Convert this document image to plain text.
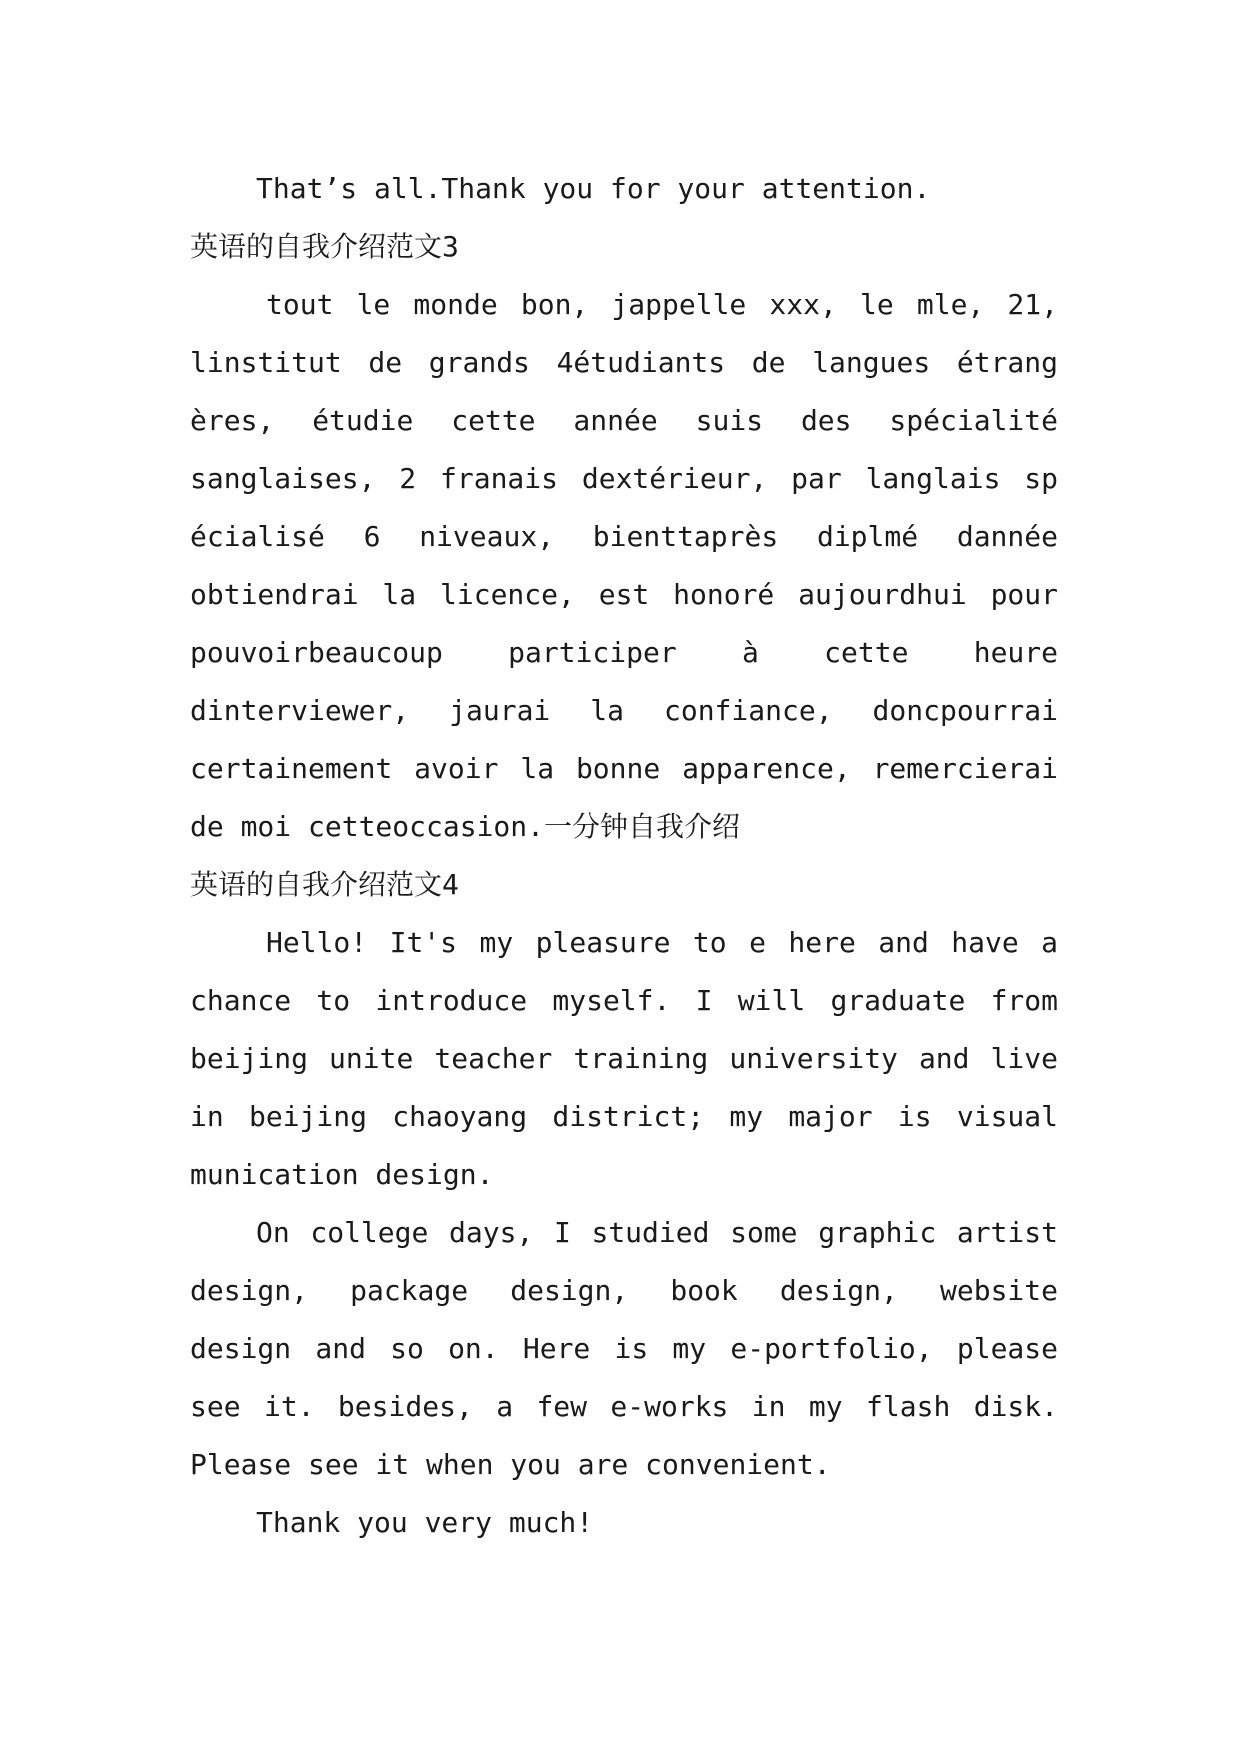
That’s all.Thank you for your attention.
英语的自我介绍范文3
tout le monde bon, jappelle xxx, le mle, 21,
linstitut de grands 4étudiants de langues étrang
ères, étudie cette année suis des spécialité
sanglaises, 2 franais dextérieur, par langlais sp
écialisé 6 niveaux, bienttaprès diplmé dannée
obtiendrai la licence, est honoré aujourdhui pour
pouvoirbeaucoup participer à cette heure
dinterviewer, jaurai la confiance, doncpourrai
certainement avoir la bonne apparence, remercierai
de moi cetteoccasion.一分钟自我介绍
英语的自我介绍范文4
Hello! It's my pleasure to e here and have a
chance to introduce myself. I will graduate from
beijing unite teacher training university and live
in beijing chaoyang district; my major is visual
munication design.
On college days, I studied some graphic artist
design, package design, book design, website
design and so on. Here is my e-portfolio, please
see it. besides, a few e-works in my flash disk.
Please see it when you are convenient.
Thank you very much!
